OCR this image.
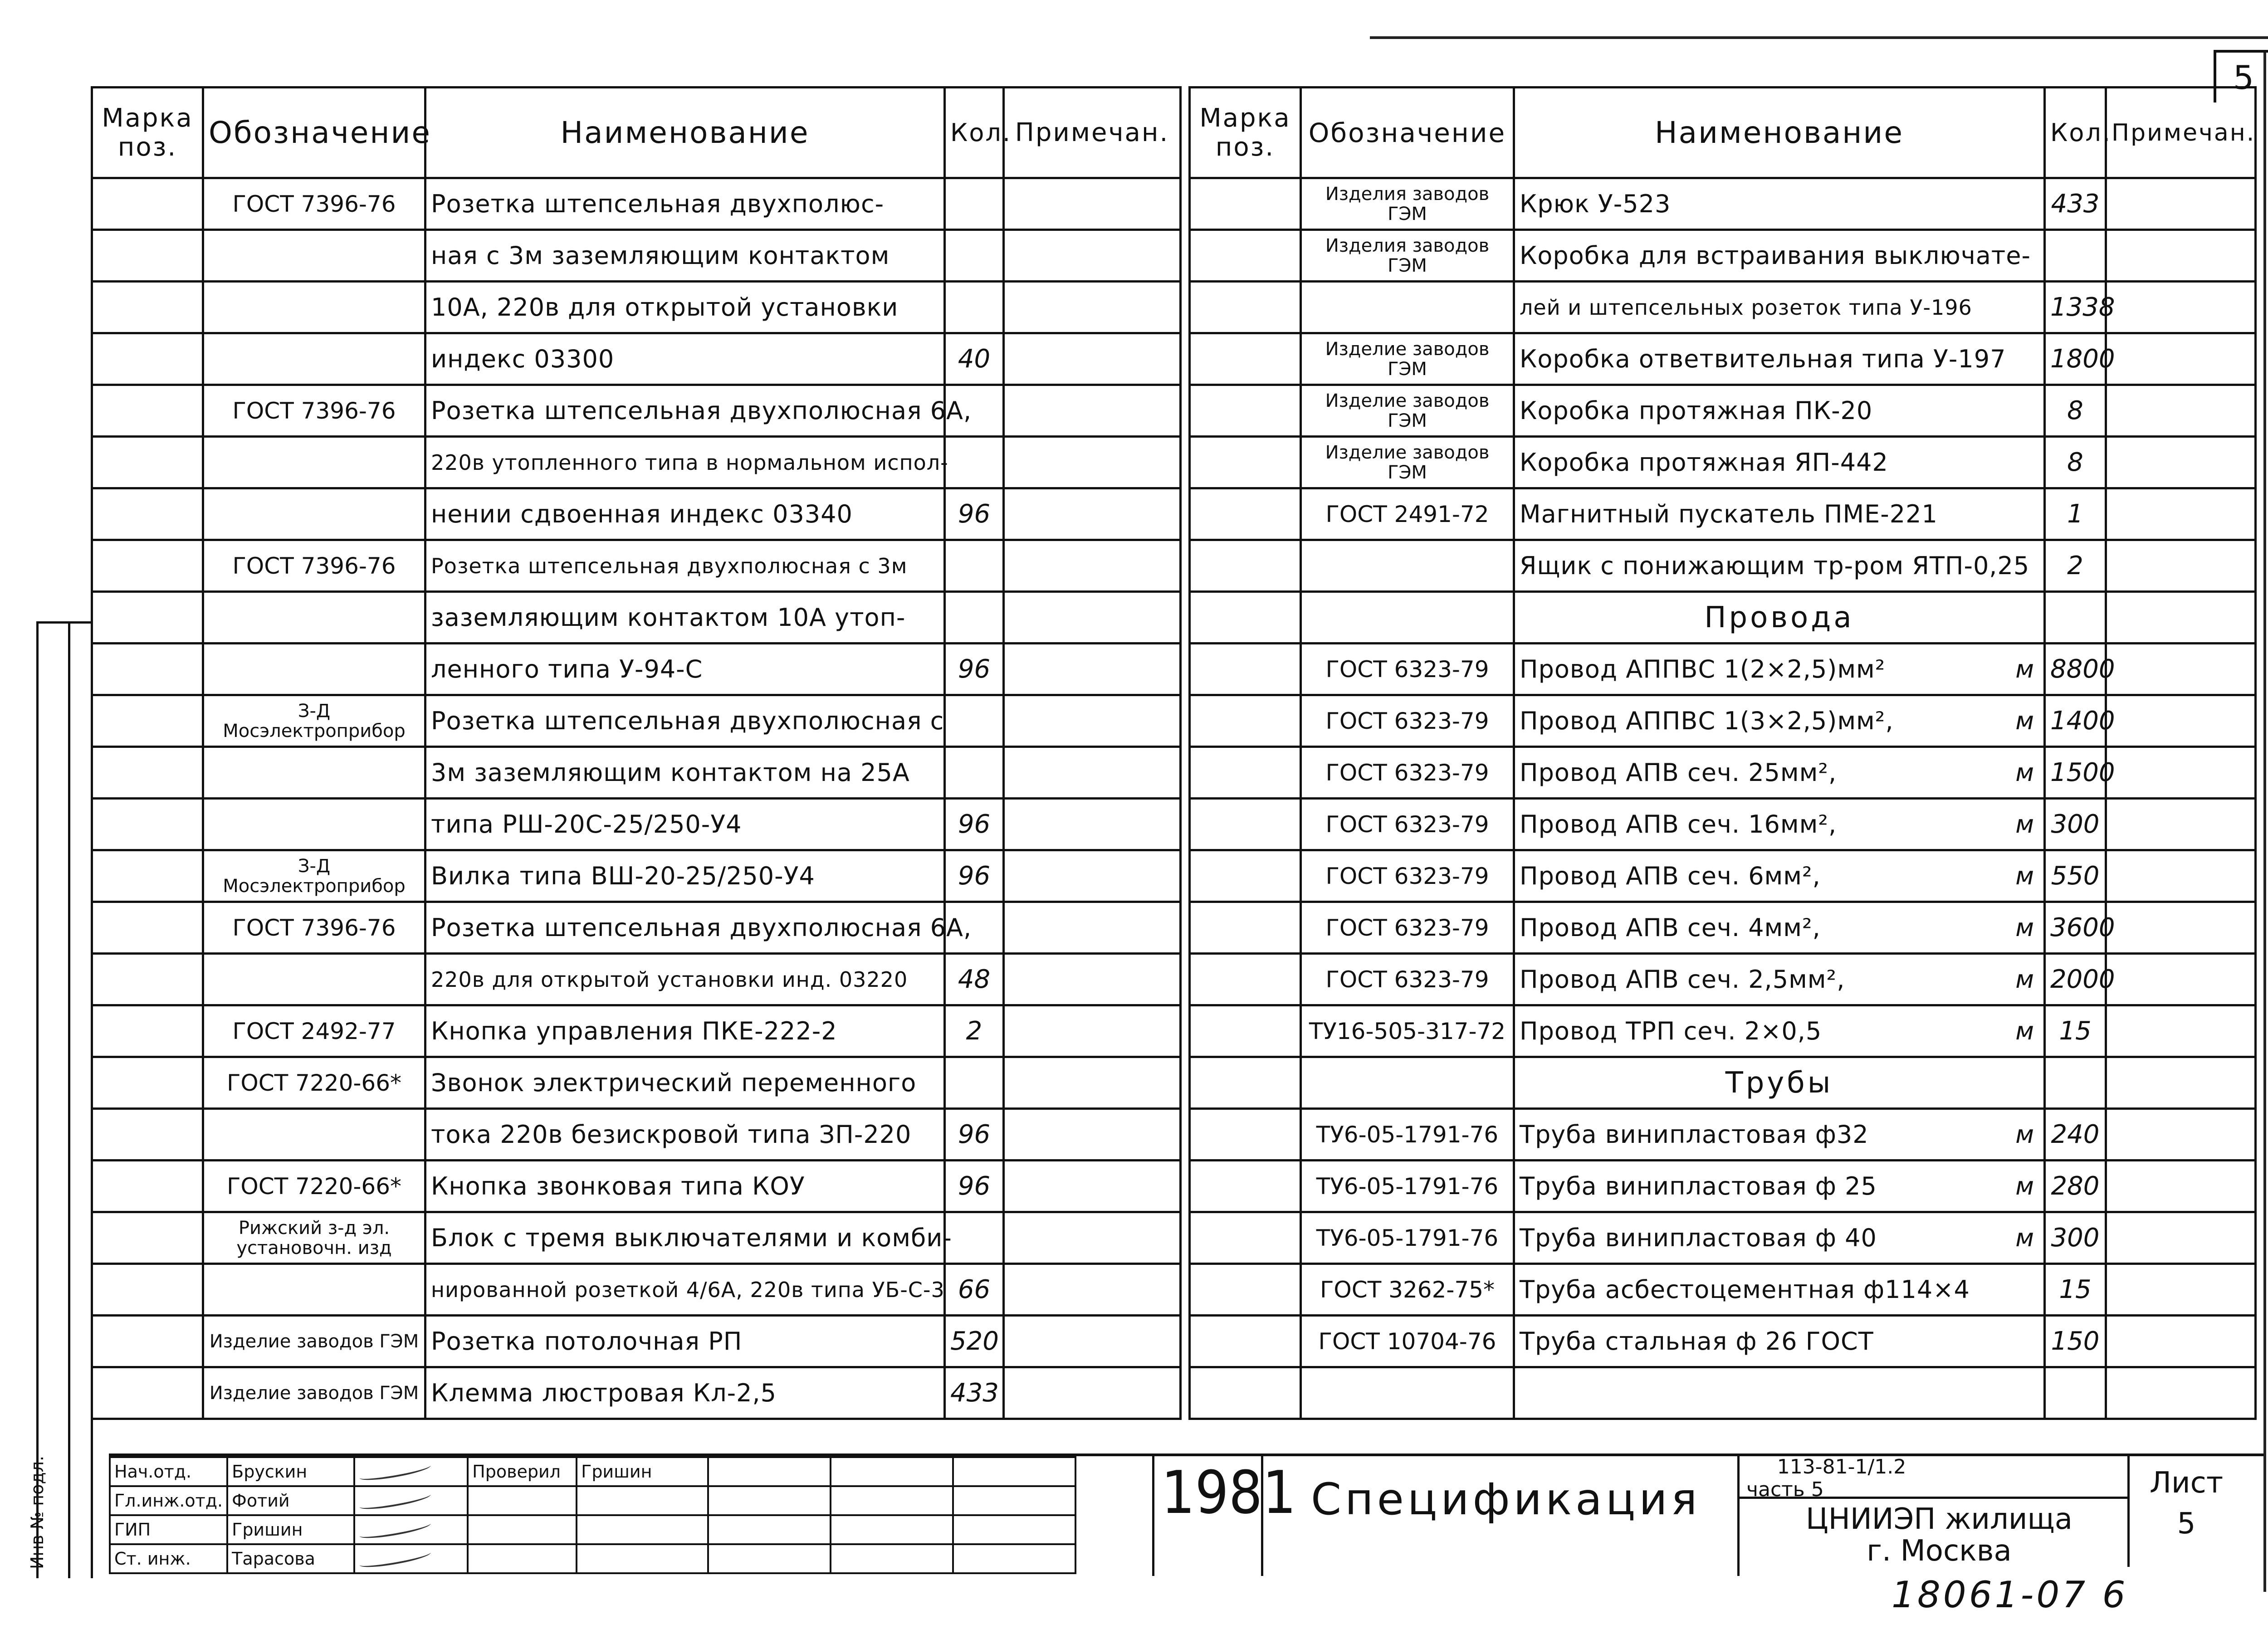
5
Марка поз.	Обозначение	Наименование	Кол.	Примечан.
	ГОСТ 7396-76	Розетка штепсельная двухполюс-		
		ная с 3м заземляющим контактом		
		10А, 220в для открытой установки		
		индекс 03300	40	
	ГОСТ 7396-76	Розетка штепсельная двухполюсная 6А,		
		220в утопленного типа в нормальном испол-		
		нении сдвоенная индекс 03340	96	
	ГОСТ 7396-76	Розетка штепсельная двухполюсная с 3м		
		заземляющим контактом 10А утоп-		
		ленного типа У-94-С	96	
	З-Д Мосэлектроприбор	Розетка штепсельная двухполюсная с		
		3м заземляющим контактом на 25А		
		типа РШ-20С-25/250-У4	96	
	З-Д Мосэлектроприбор	Вилка типа ВШ-20-25/250-У4	96	
	ГОСТ 7396-76	Розетка штепсельная двухполюсная 6А,		
		220в для открытой установки инд. 03220	48	
	ГОСТ 2492-77	Кнопка управления ПКЕ-222-2	2	
	ГОСТ 7220-66*	Звонок электрический переменного		
		тока 220в безискровой типа ЗП-220	96	
	ГОСТ 7220-66*	Кнопка звонковая типа КОУ	96	
	Рижский з-д эл. установочн. изд	Блок с тремя выключателями и комби-		
		нированной розеткой 4/6А, 220в типа УБ-С-3	66	
	Изделие заводов ГЭМ	Розетка потолочная РП	520	
	Изделие заводов ГЭМ	Клемма люстровая Кл-2,5	433	
Марка поз.	Обозначение	Наименование	Кол.	Примечан.
	Изделия заводов ГЭМ	Крюк У-523	433	
	Изделия заводов ГЭМ	Коробка для встраивания выключате-		
		лей и штепсельных розеток типа У-196	1338	
	Изделие заводов ГЭМ	Коробка ответвительная типа У-197	1800	
	Изделие заводов ГЭМ	Коробка протяжная ПК-20	8	
	Изделие заводов ГЭМ	Коробка протяжная ЯП-442	8	
	ГОСТ 2491-72	Магнитный пускатель ПМЕ-221	1	
		Ящик с понижающим тр-ром ЯТП-0,25	2	
		Провода		
	ГОСТ 6323-79	Провод АППВС 1(2×2,5)мм² м	8800	
	ГОСТ 6323-79	Провод АППВС 1(3×2,5)мм², м	1400	
	ГОСТ 6323-79	Провод АПВ сеч. 25мм², м	1500	
	ГОСТ 6323-79	Провод АПВ сеч. 16мм², м	300	
	ГОСТ 6323-79	Провод АПВ сеч. 6мм², м	550	
	ГОСТ 6323-79	Провод АПВ сеч. 4мм², м	3600	
	ГОСТ 6323-79	Провод АПВ сеч. 2,5мм², м	2000	
	ТУ16-505-317-72	Провод ТРП сеч. 2×0,5 м	15	
		Трубы		
	ТУ6-05-1791-76	Труба винипластовая ф32 м	240	
	ТУ6-05-1791-76	Труба винипластовая ф 25 м	280	
	ТУ6-05-1791-76	Труба винипластовая ф 40 м	300	
	ГОСТ 3262-75*	Труба асбестоцементная ф114×4	15	
	ГОСТ 10704-76	Труба стальная ф 26 ГОСТ	150	

Нач.отд.	Брускин		Проверил	Гришин			
Гл.инж.отд.	Фотий	

ГИП	Гришин	

Ст. инж.	Тарасова	

1981 Спецификация
113-81-1/1.2
часть 5
ЦНИИЭП жилища
г. Москва
Лист
5
18061-07 6
Инв № подл.
